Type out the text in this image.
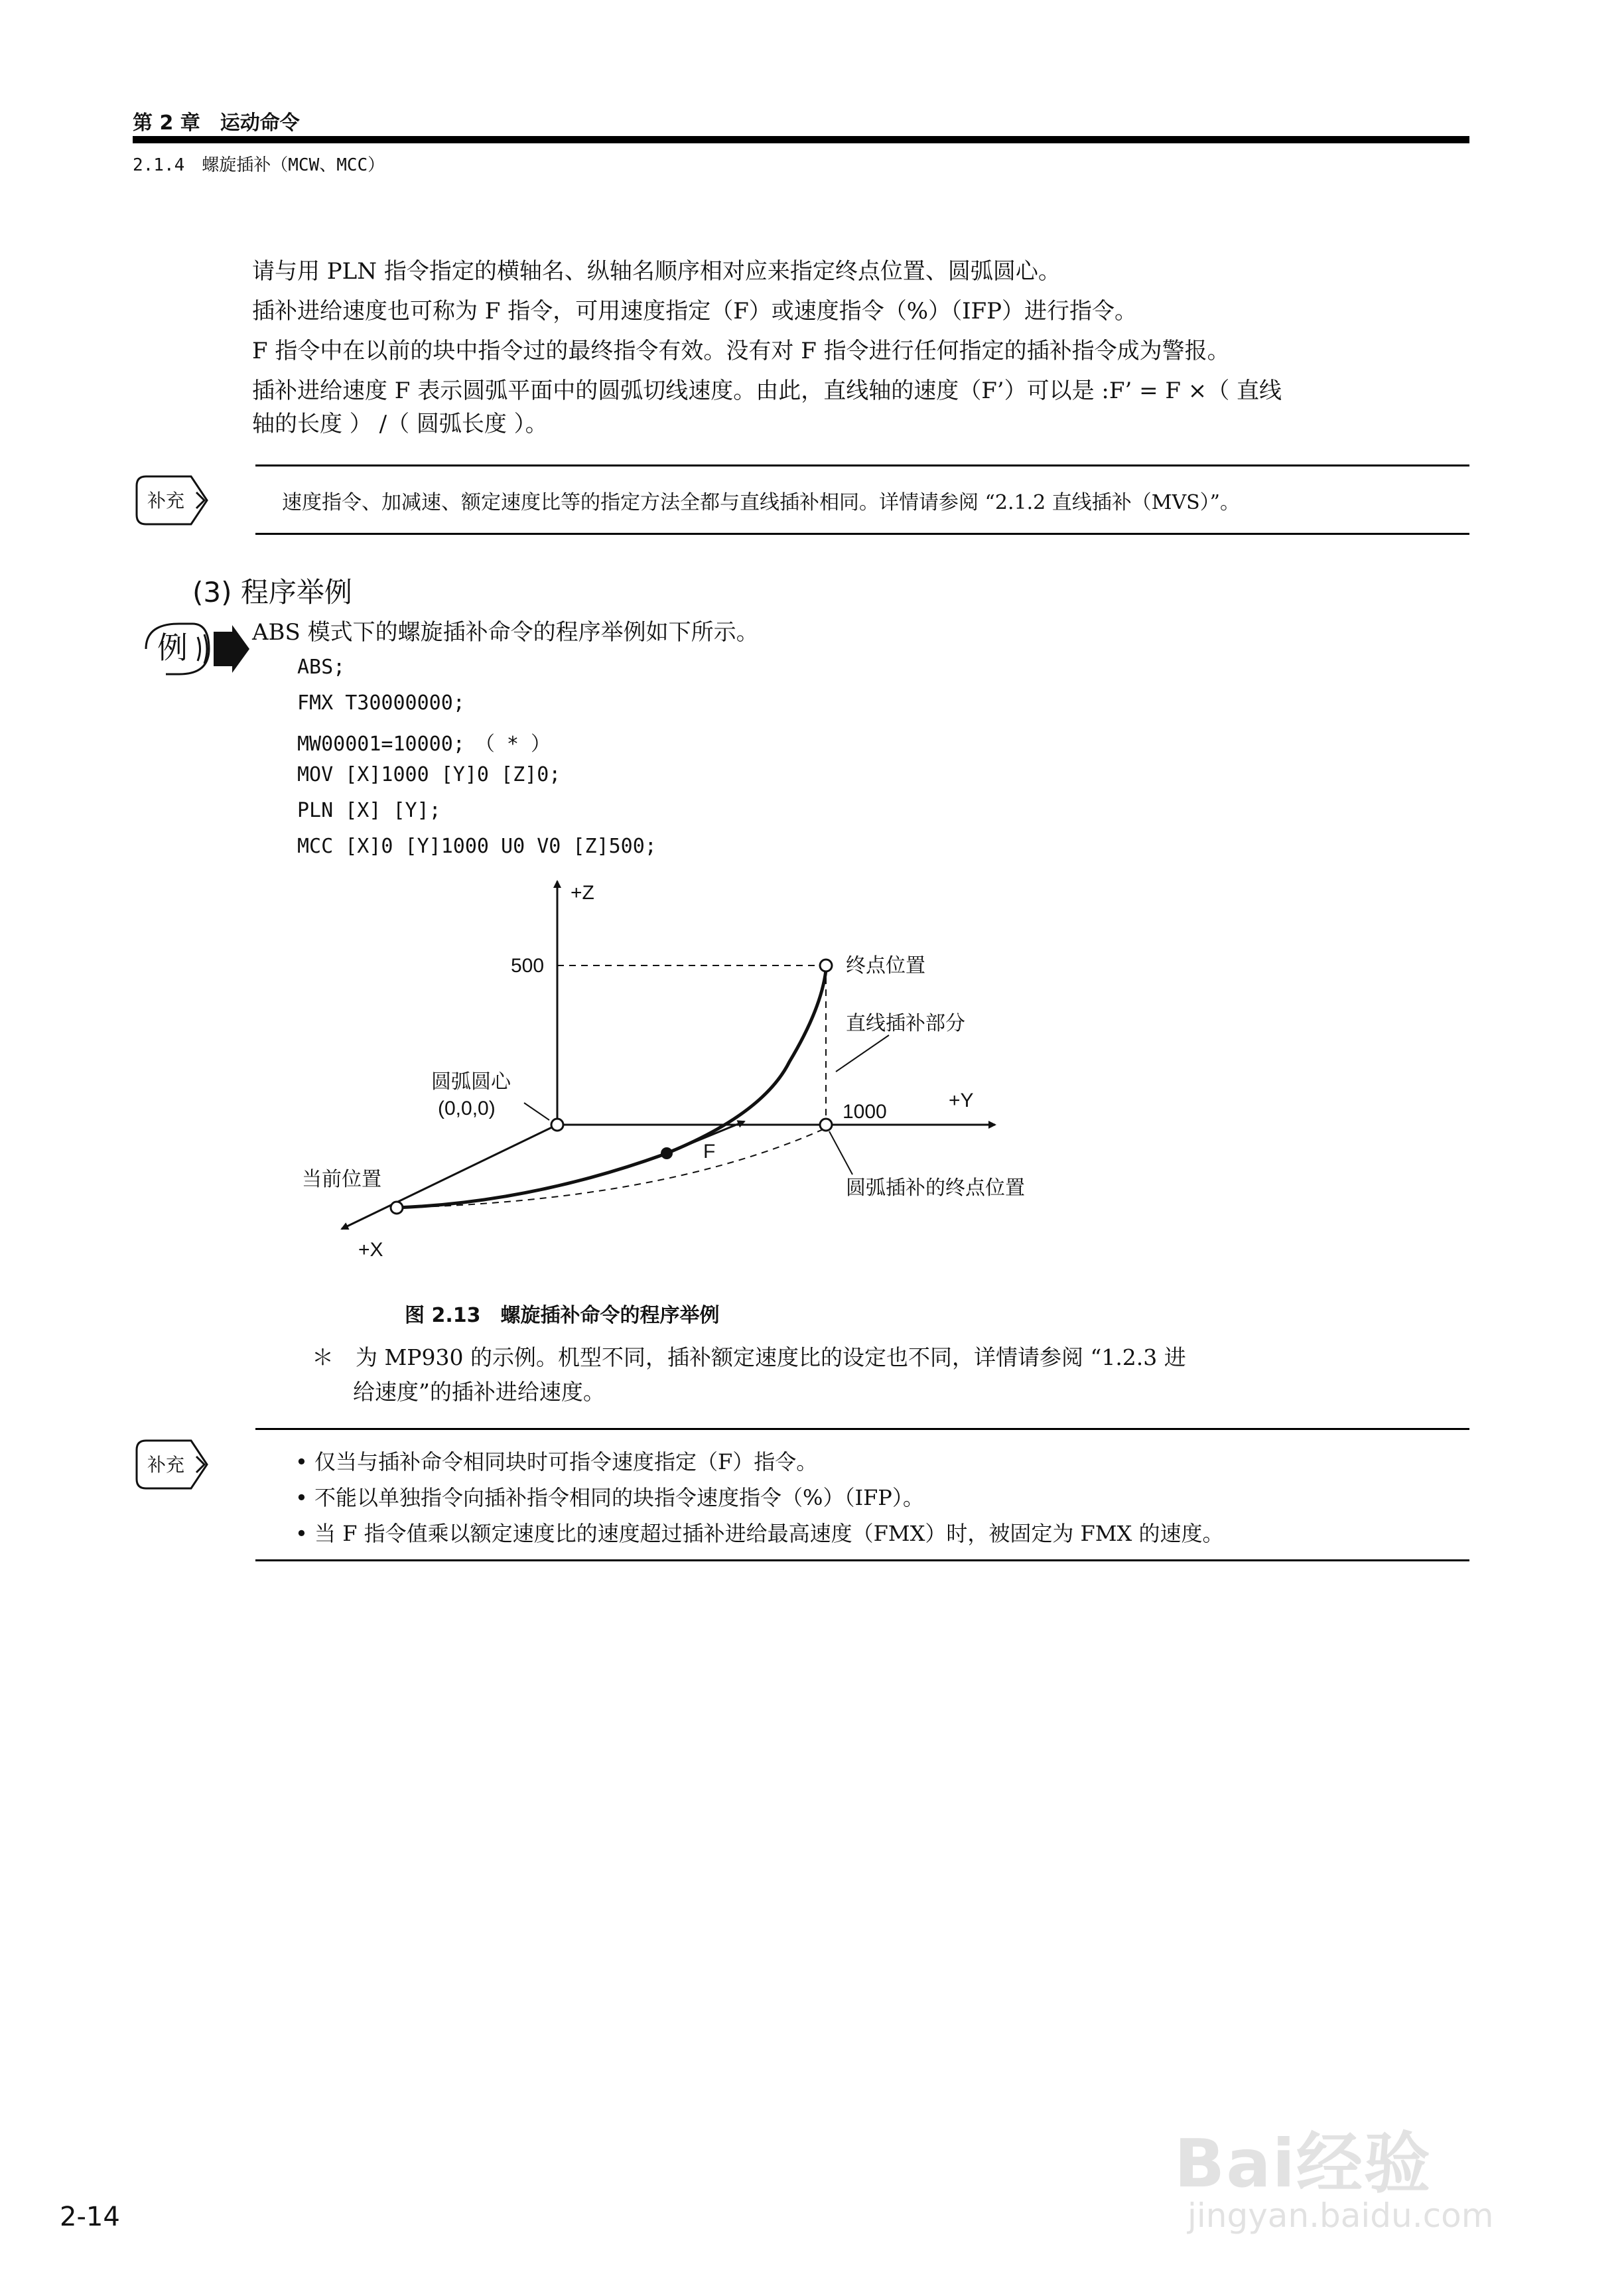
第 2 章　运动命令
2.1.4　螺旋插补（MCW、MCC）
请与用 PLN 指令指定的横轴名、纵轴名顺序相对应来指定终点位置、圆弧圆心。
插补进给速度也可称为 F 指令，可用速度指定（F）或速度指令（%）（IFP）进行指令。
F 指令中在以前的块中指令过的最终指令有效。没有对 F 指令进行任何指定的插补指令成为警报。
插补进给速度 F 表示圆弧平面中的圆弧切线速度。由此，直线轴的速度（F’）可以是 :F’ = F ×（ 直线
轴的长度 ） /（ 圆弧长度 ）。
补充	速度指令、加减速、额定速度比等的指定方法全都与直线插补相同。详情请参阅 “2.1.2 直线插补（MVS）”。
(3) 程序举例
例	ABS 模式下的螺旋插补命令的程序举例如下所示。
ABS;
FMX T30000000;
MW00001=10000;　（ * ）
MOV [X]1000 [Y]0 [Z]0;
PLN [X] [Y];
MCC [X]0 [Y]1000 U0 V0 [Z]500;
+Z
+Y
+X
500
1000
终点位置
直线插补部分
圆弧圆心
(0,0,0)
当前位置
F
圆弧插补的终点位置
图 2.13　螺旋插补命令的程序举例
＊　为 MP930 的示例。机型不同，插补额定速度比的设定也不同，详情请参阅 “1.2.3 进
给速度”的插补进给速度。
补充	• 仅当与插补命令相同块时可指令速度指定（F）指令。
• 不能以单独指令向插补指令相同的块指令速度指令（%）（IFP）。
• 当 F 指令值乘以额定速度比的速度超过插补进给最高速度（FMX）时，被固定为 FMX 的速度。
Bai经验
jingyan.baidu.com
2-14
